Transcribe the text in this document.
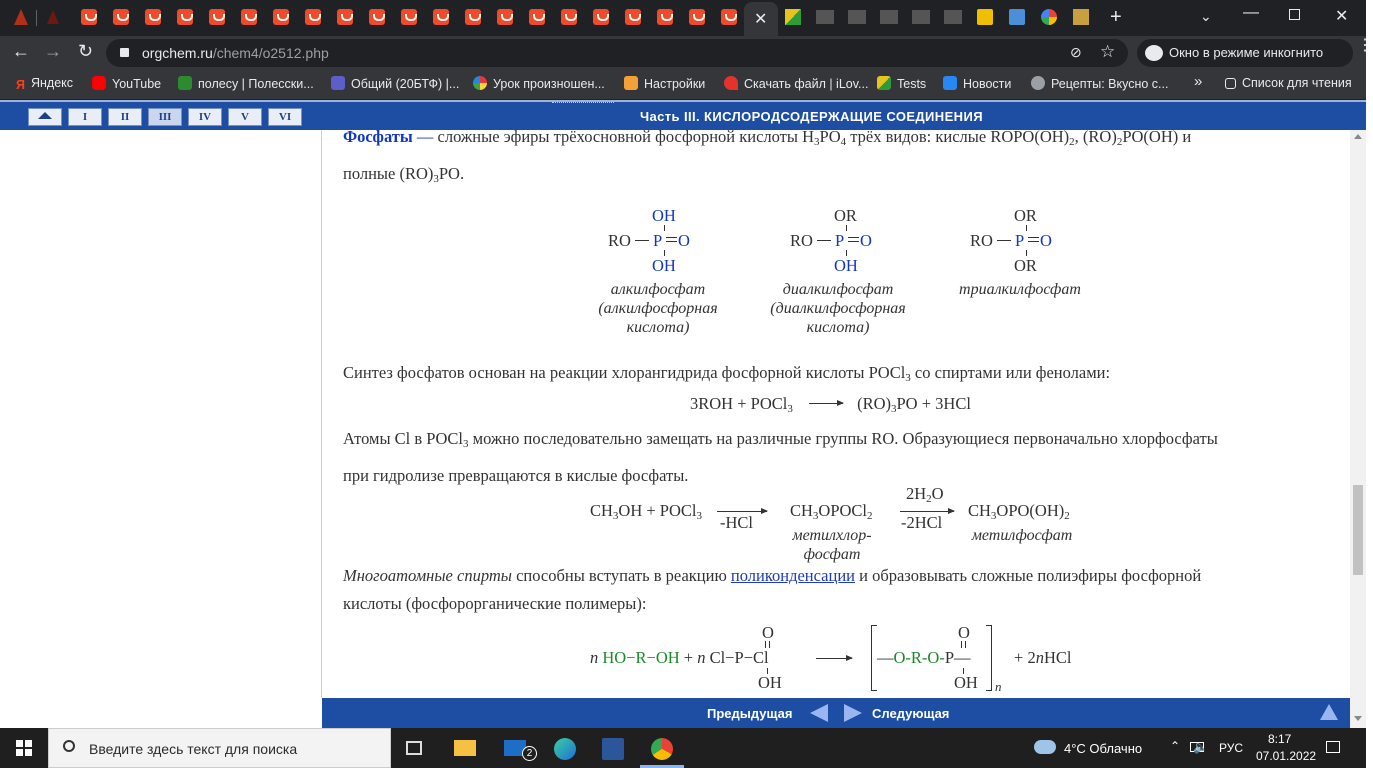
✕	+	⌄ —	✕
← → ↻	orgchem.ru/chem4/o2512.php	⊘ ☆	Окно в режиме инкогнито	⋮
Я Яндекс	YouTube	полесу | Полесски...	Общий (20БТФ) |...	Урок произношен...	Настройки	Скачать файл | iLov...	Tests	Новости	Рецепты: Вкусно с... »	Список для чтения
I	II	III	IV	V	VI	Часть III. КИСЛОРОДСОДЕРЖАЩИЕ СОЕДИНЕНИЯ
Фосфаты — сложные эфиры трёхосновной фосфорной кислоты $H_3PO_4$ трёх видов: кислые $ROPO(OH)_2$, $(RO)_2PO(OH)$ и
полные $(RO)_3PO$.
OH
RO P O
OH
алкилфосфат
(алкилфосфорная
кислота)
OR
RO P O
OH
диалкилфосфат
(диалкилфосфорная
кислота)
OR
RO P O
OR
триалкилфосфат
Синтез фосфатов основан на реакции хлорангидрида фосфорной кислоты POCl$_3$ со спиртами или фенолами:
3ROH + POCl$_3$	$(RO)_3PO + 3HCl$
Атомы Cl в POCl$_3$ можно последовательно замещать на различные группы RO. Образующиеся первоначально хлорфосфаты
при гидролизе превращаются в кислые фосфаты.
$CH_3OH$ + POCl$_3$ -HCl
$CH_3OPOCl_2$
метилхлор-
фосфат
$2H_2O$
-2HCl
$CH_3OPO(OH)_2$
метилфосфат
Многоатомные спирты способны вступать в реакцию поликонденсации и образовывать сложные полиэфиры фосфорной
кислоты (фосфорорганические полимеры):
n HO−R−OH + n Cl−P−Cl
O
OH
—O-R-O-P—
O
OH n
+ 2nHCl
Предыдущая	Следующая
Введите здесь текст для поиска	2	4°C Облачно ⌃ 🔈 РУС
8:17
07.01.2022
